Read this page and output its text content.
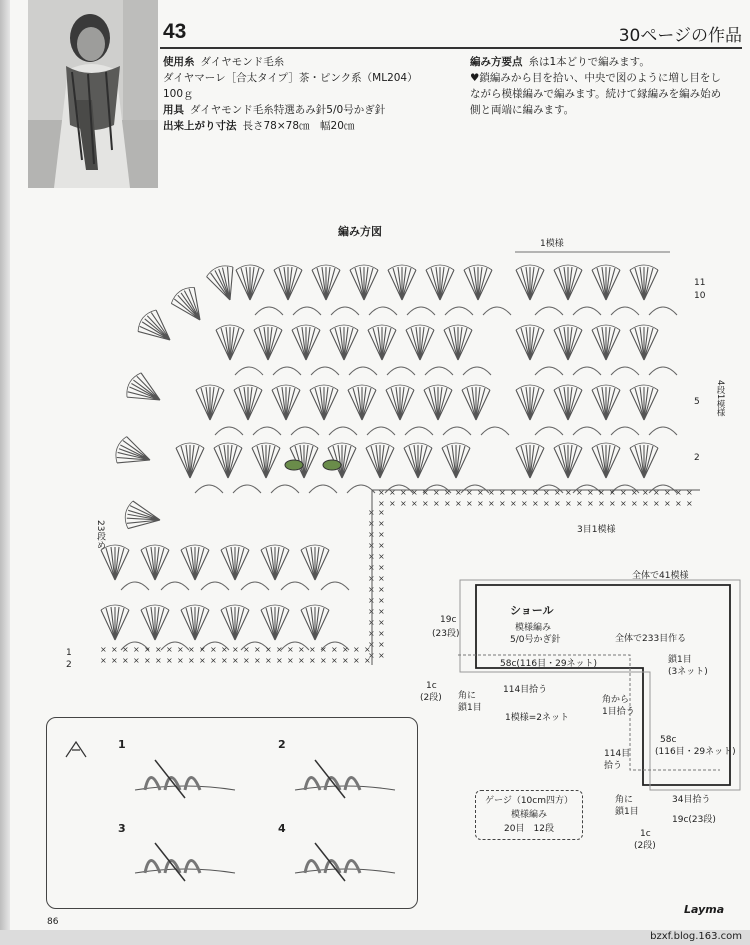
43	30ページの作品
使用糸 ダイヤモンド毛糸
ダイヤマーレ［合太タイプ］茶・ピンク系（ML204）
100ｇ
用具 ダイヤモンド毛糸特選あみ針5/0号かぎ針
出来上がり寸法 長さ78×78㎝　幅20㎝
編み方要点 糸は1本どりで編みます。
♥鎖編みから目を拾い、中央で図のように増し目をし
ながら模様編みで編みます。続けて縁編みを編み始め
側と両端に編みます。
編み方図
×
×
×
×
×
×
×
×
×
×
×
×
×
×
×
×
×
×
×
×
×
×
×
×
×
×
×
×
×
×
×
×
×
×
×
×
×
×
×
×
×
×
×
×
×
×
×
×
×
×
×
×
×
×
×
×
×
×
× ×
× ×
× ×
× ×
× ×
× ×
× ×
× ×
× ×
× ×
× ×
× ×
× ×
× ×
×
×
×
×
×
×
×
×
×
×
×
×
×
×
×
×
×
×
×
×
×
×
×
×
×
×
×
×
×
×
×
×
×
×
×
×
×
×
×
×
×
×
×
×
×
×
×
×
×
×
1模様
11
10
5
2
4段1模様
3目1模様
23段め
1
2
全体で41模様
ショール
模様編み
5/0号かぎ針	全体で233目作る
鎖1目
(3ネット)
19c
(23段)
58c(116目・29ネット)
114目拾う
角から
1目拾う
角に
鎖1目
1c
(2段)
1模様=2ネット
58c
(116目・29ネット)
114目
拾う
角に
鎖1目
34目拾う
19c(23段)
1c
(2段)
1	2
3	4
ゲージ（10cm四方）
模様編み
20目　12段
86
Layma
bzxf.blog.163.com
